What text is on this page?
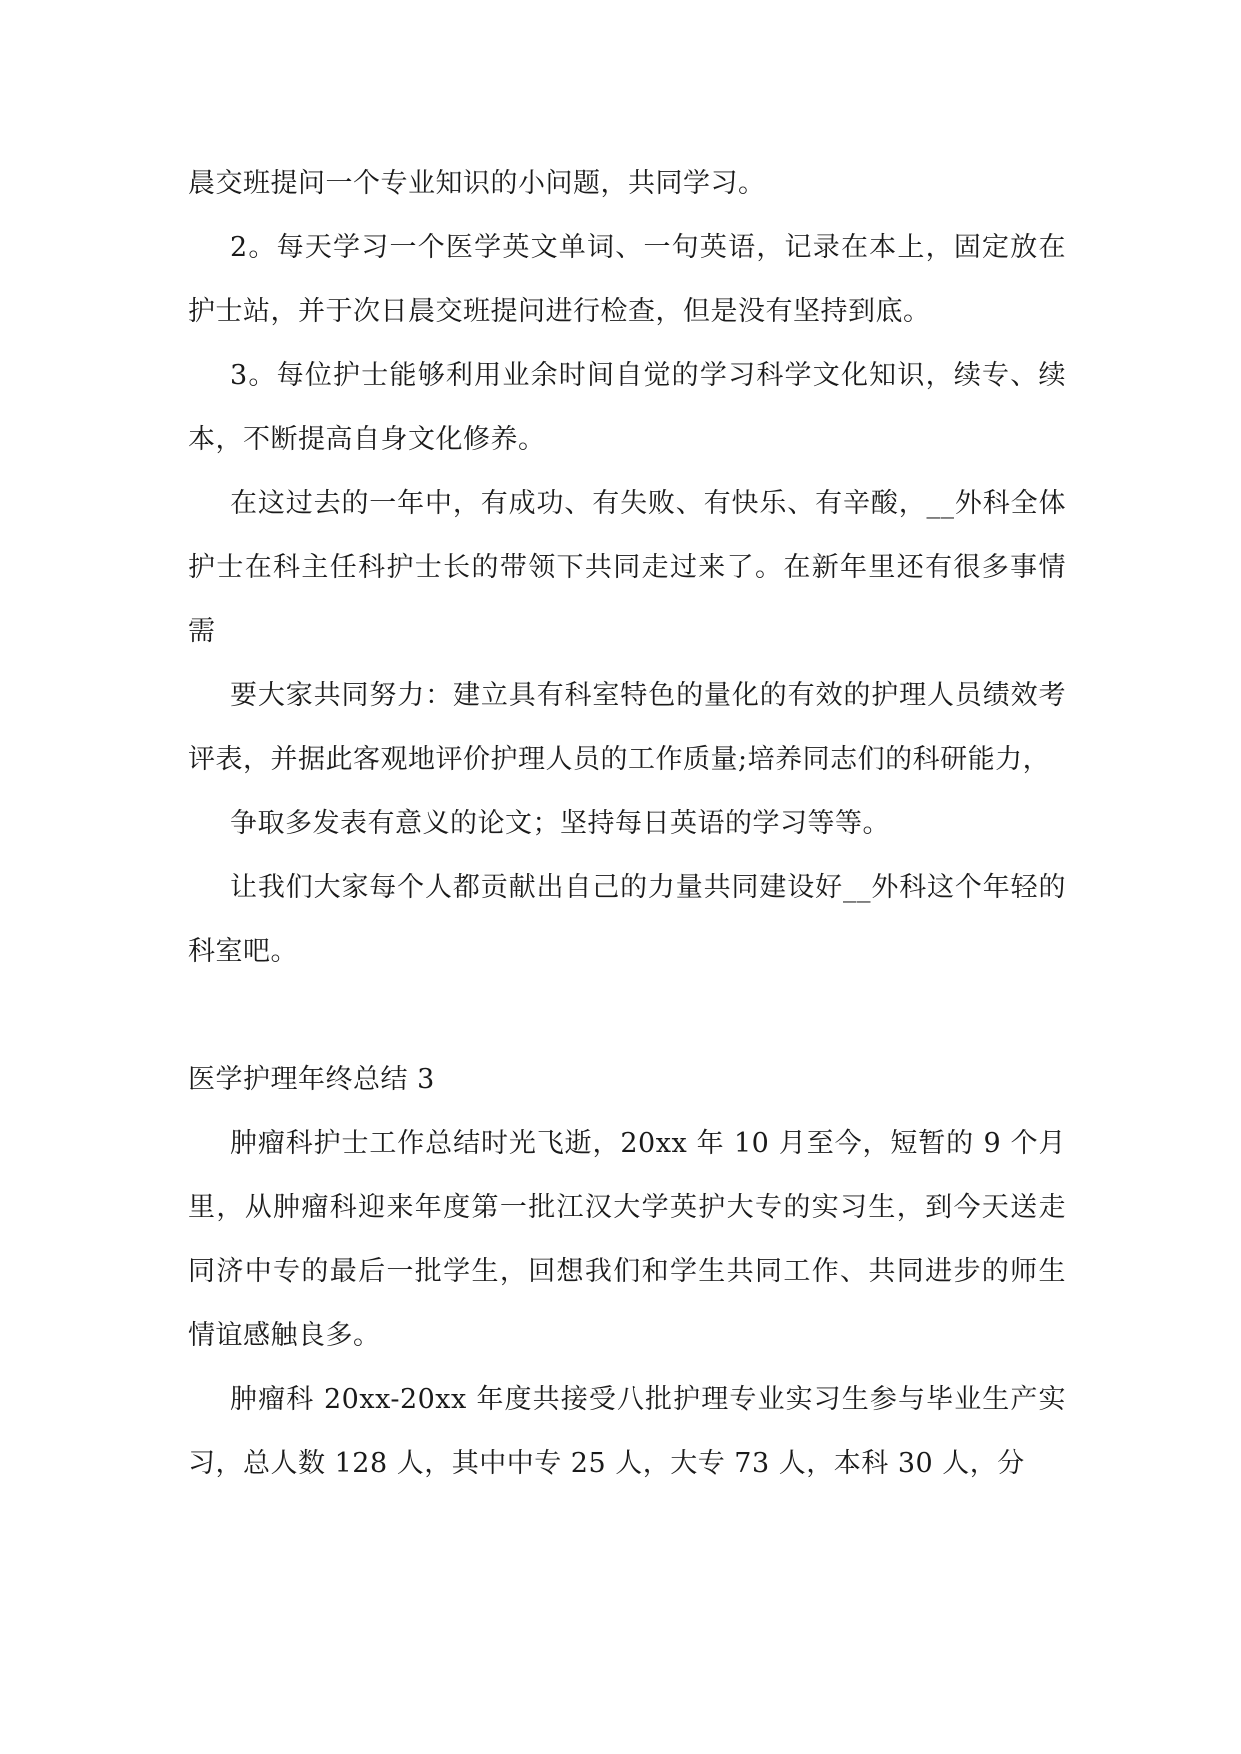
晨交班提问一个专业知识的小问题，共同学习。

2。每天学习一个医学英文单词、一句英语，记录在本上，固定放在护士站，并于次日晨交班提问进行检查，但是没有坚持到底。

3。每位护士能够利用业余时间自觉的学习科学文化知识，续专、续本，不断提高自身文化修养。

在这过去的一年中，有成功、有失败、有快乐、有辛酸，__外科全体护士在科主任科护士长的带领下共同走过来了。在新年里还有很多事情需

要大家共同努力：建立具有科室特色的量化的有效的护理人员绩效考评表，并据此客观地评价护理人员的工作质量;培养同志们的科研能力，

争取多发表有意义的论文；坚持每日英语的学习等等。

让我们大家每个人都贡献出自己的力量共同建设好__外科这个年轻的科室吧。

医学护理年终总结 3

肿瘤科护士工作总结时光飞逝，20xx 年 10 月至今，短暂的 9 个月里，从肿瘤科迎来年度第一批江汉大学英护大专的实习生，到今天送走同济中专的最后一批学生，回想我们和学生共同工作、共同进步的师生情谊感触良多。

肿瘤科 20xx-20xx 年度共接受八批护理专业实习生参与毕业生产实习，总人数 128 人，其中中专 25 人，大专 73 人，本科 30 人，分
